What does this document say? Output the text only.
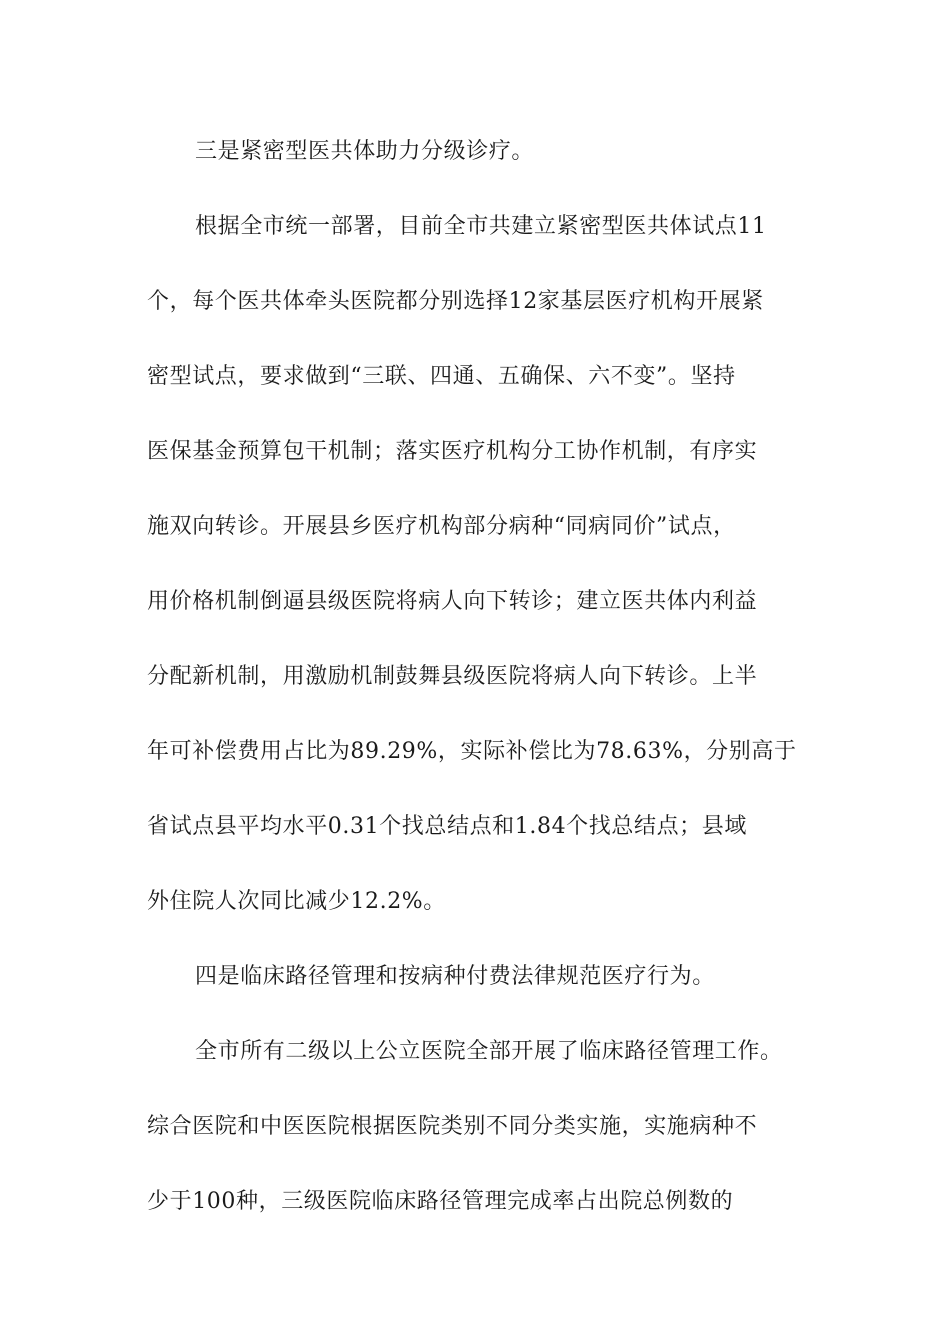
三是紧密型医共体助力分级诊疗。
根据全市统一部署，目前全市共建立紧密型医共体试点11
个，每个医共体牵头医院都分别选择12家基层医疗机构开展紧
密型试点，要求做到“三联、四通、五确保、六不变”。坚持
医保基金预算包干机制；落实医疗机构分工协作机制，有序实
施双向转诊。开展县乡医疗机构部分病种“同病同价”试点，
用价格机制倒逼县级医院将病人向下转诊；建立医共体内利益
分配新机制，用激励机制鼓舞县级医院将病人向下转诊。上半
年可补偿费用占比为89.29%，实际补偿比为78.63%，分别高于
省试点县平均水平0.31个找总结点和1.84个找总结点；县域
外住院人次同比减少12.2%。
四是临床路径管理和按病种付费法律规范医疗行为。
全市所有二级以上公立医院全部开展了临床路径管理工作。
综合医院和中医医院根据医院类别不同分类实施，实施病种不
少于100种，三级医院临床路径管理完成率占出院总例数的
